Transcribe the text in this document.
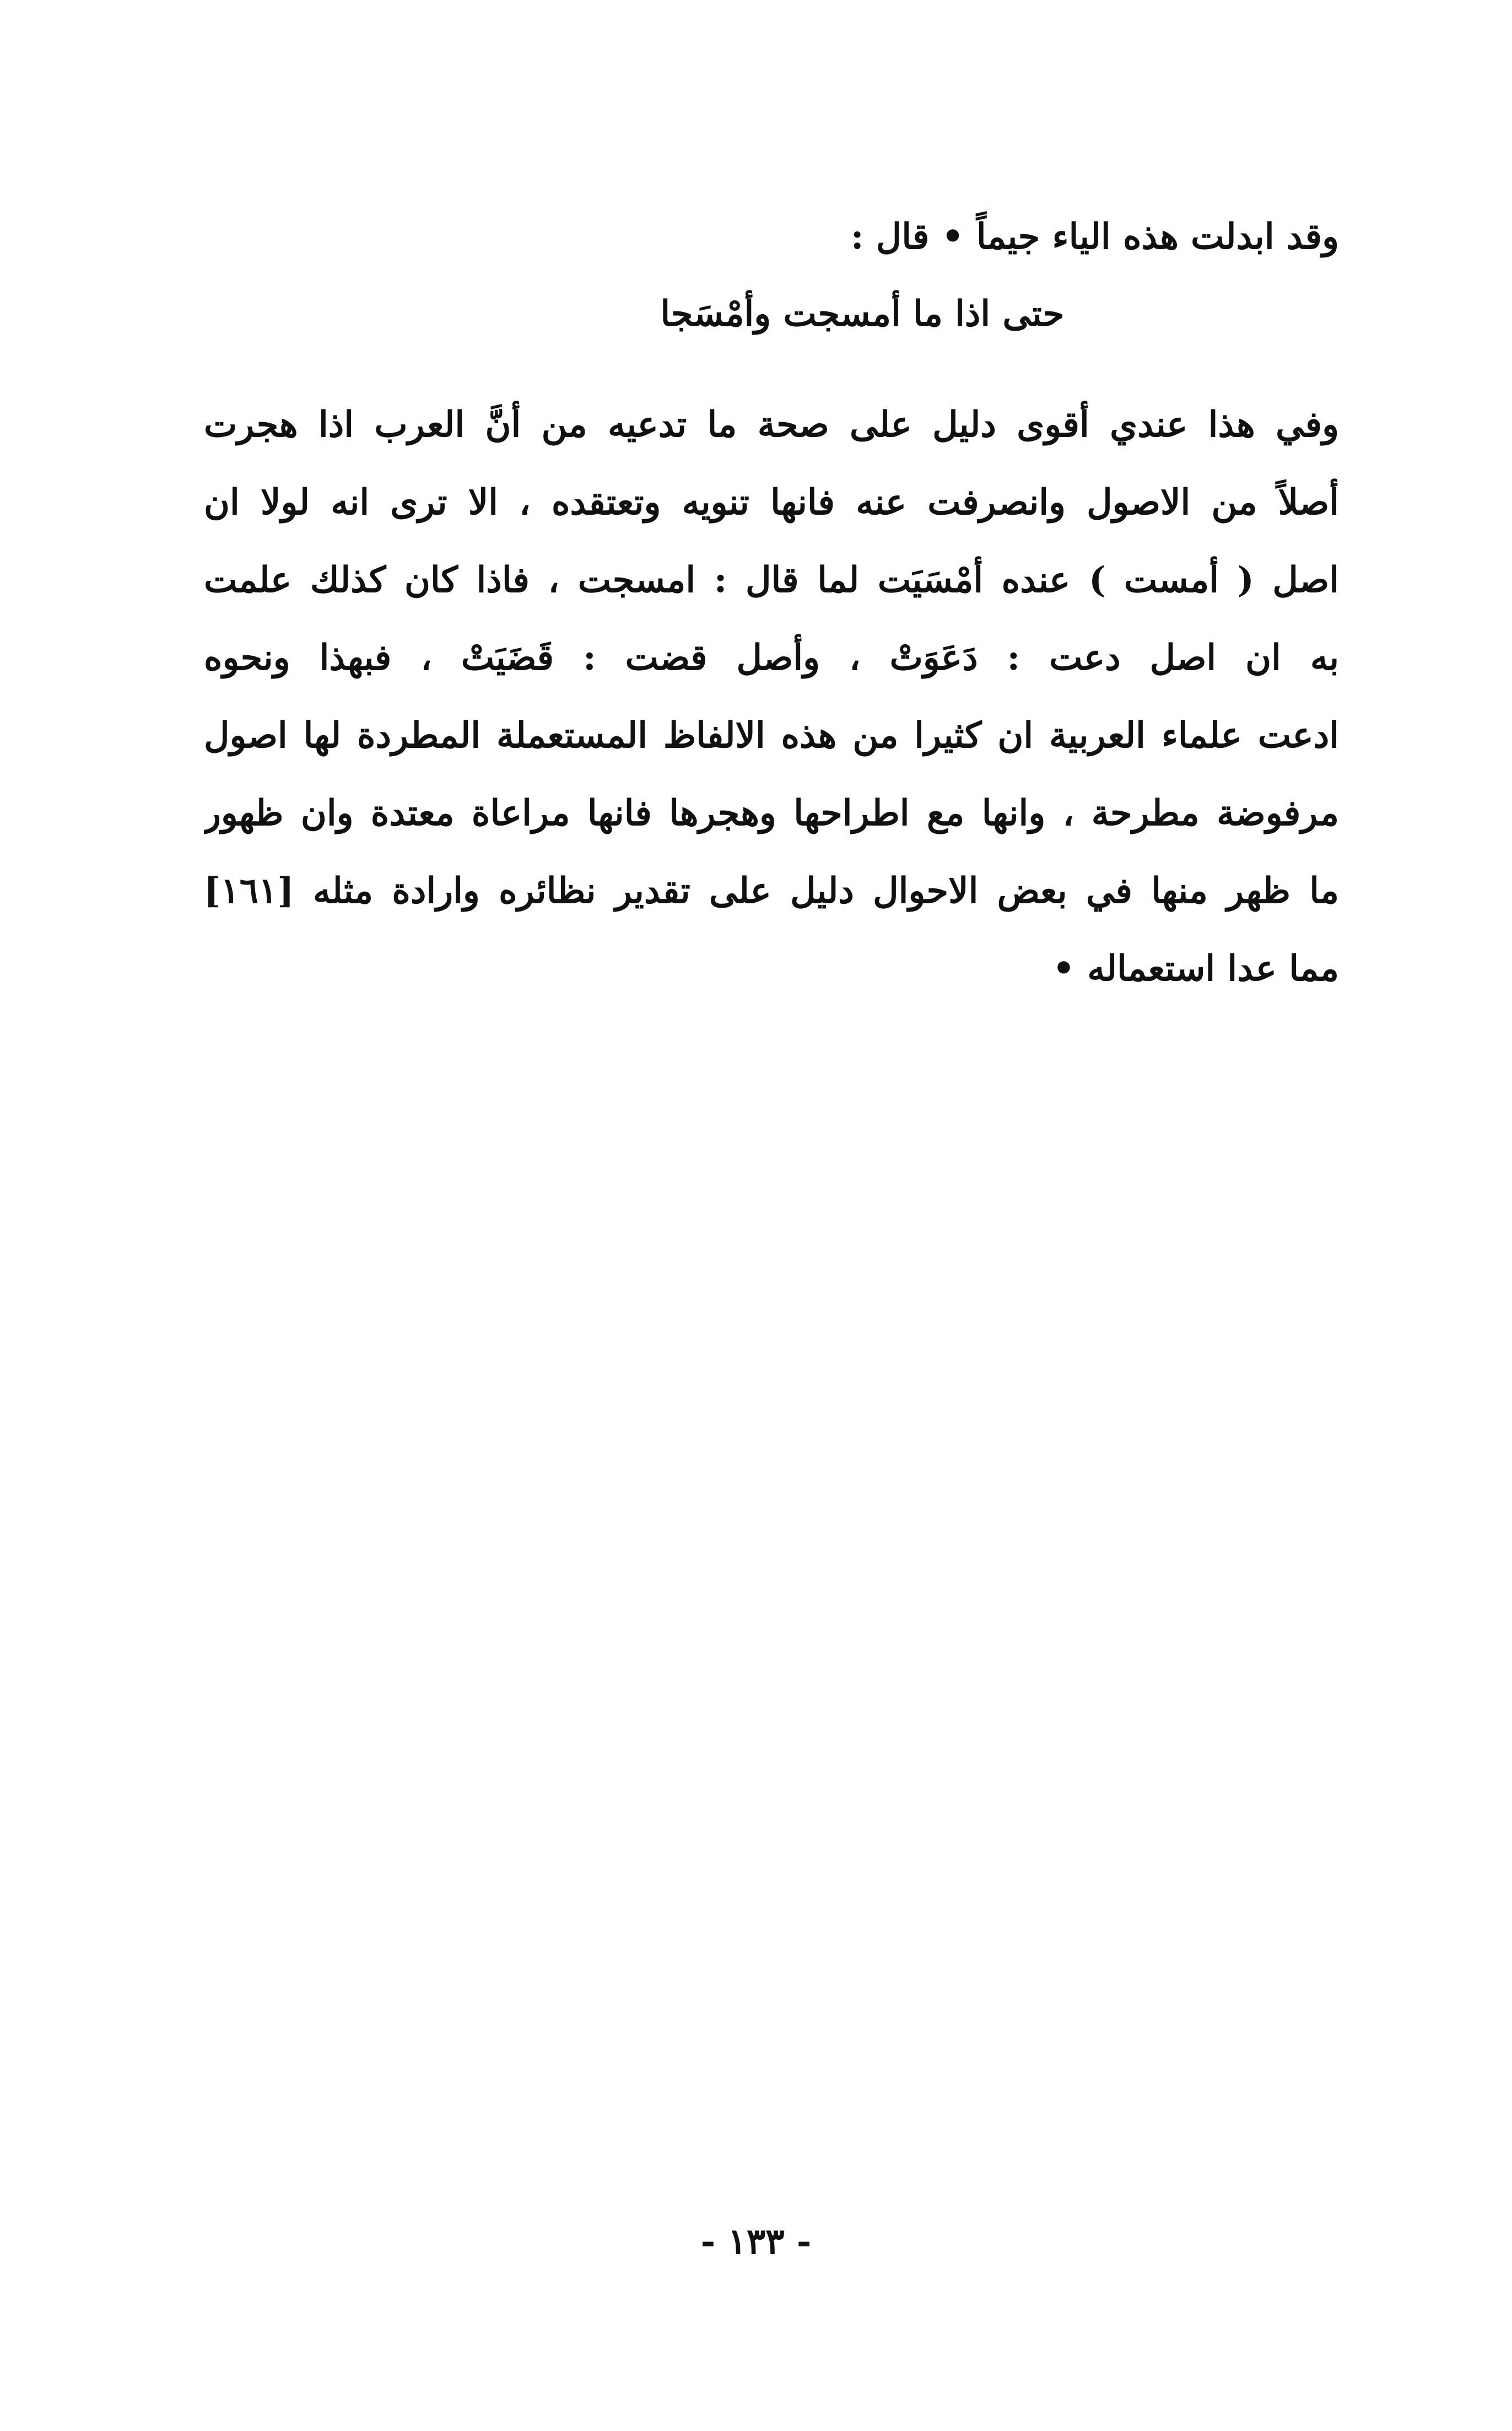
وقد ابدلت هذه الياء جيماً • قال :

حتى اذا ما أمسجت وأمْسَجا

وفي هذا عندي أقوى دليل على صحة ما تدعيه من أنَّ العرب اذا هجرت

أصلاً من الاصول وانصرفت عنه فانها تنويه وتعتقده ، الا ترى انه لولا ان

اصل ( أمست ) عنده أمْسَيَت لما قال : امسجت ، فاذا كان كذلك علمت

به ان اصل دعت : دَعَوَتْ ، وأصل قضت : قَضَيَتْ ، فبهذا ونحوه

ادعت علماء العربية ان كثيرا من هذه الالفاظ المستعملة المطردة لها اصول

مرفوضة مطرحة ، وانها مع اطراحها وهجرها فانها مراعاة معتدة وان ظهور

ما ظهر منها في بعض الاحوال دليل على تقدير نظائره وارادة مثله [١٦١]

مما عدا استعماله •

- ١٣٣ -
